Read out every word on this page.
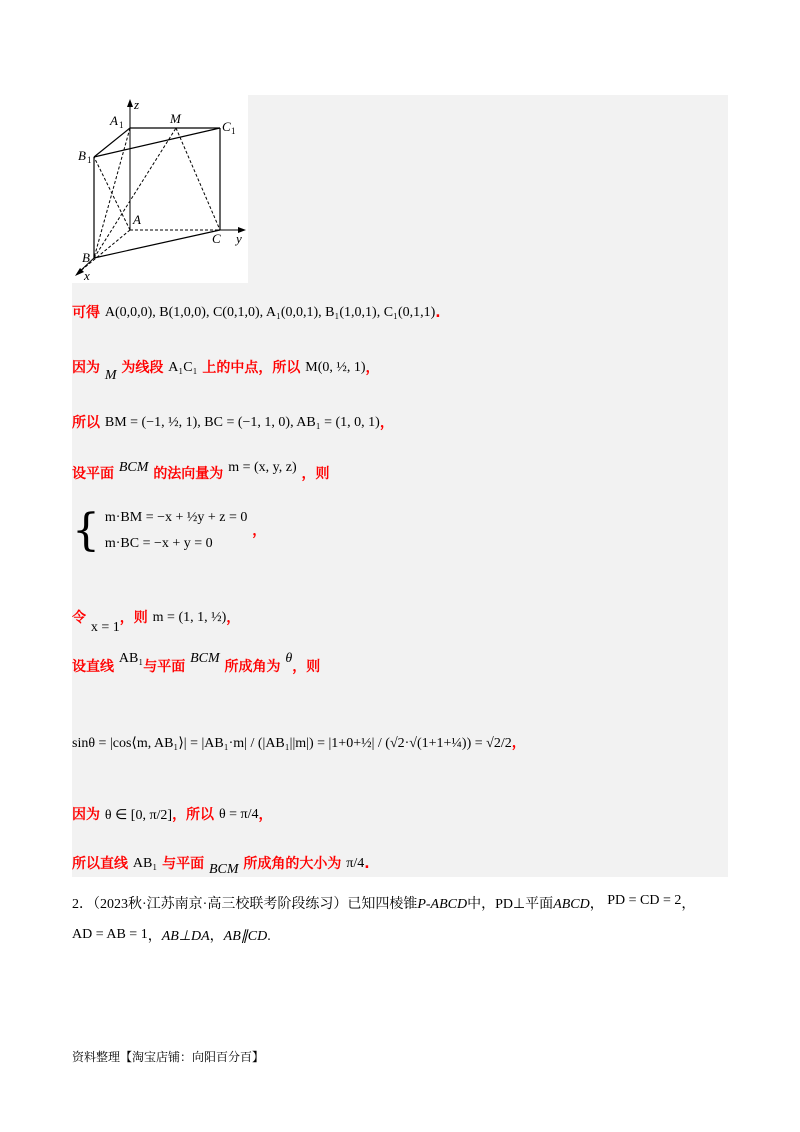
z
A 1	M
C 1
B 1
A
C y
B
x
可得 A(0,0,0), B(1,0,0), C(0,1,0), A₁(0,0,1), B₁(1,0,1), C₁(0,1,1).
因为 M 为线段 A₁C₁ 上的中点，所以 M(0, ½, 1)，
所以 BM = (−1, ½, 1), BC = (−1, 1, 0), AB₁ = (1, 0, 1)，
设平面 BCM 的法向量为 m = (x, y, z) ，则
{ m·BM = −x + ½y + z = 0
m·BC = −x + y = 0
，
令 x = 1，则 m = (1, 1, ½)，
设直线 AB₁与平面 BCM 所成角为 θ，则
sinθ = |cos⟨m, AB₁⟩| = |AB₁·m| / (|AB₁||m|) = |1+0+½| / (√2·√(1+1+¼)) = √2/2，
因为 θ ∈ [0, π/2]，所以 θ = π/4，
所以直线 AB₁ 与平面 BCM 所成角的大小为 π/4.
2．（2023秋·江苏南京·高三校联考阶段练习）已知四棱锥P-ABCD中，PD⊥平面ABCD， PD = CD = 2，
AD = AB = 1，AB⊥DA，AB∥CD.
资料整理【淘宝店铺：向阳百分百】
